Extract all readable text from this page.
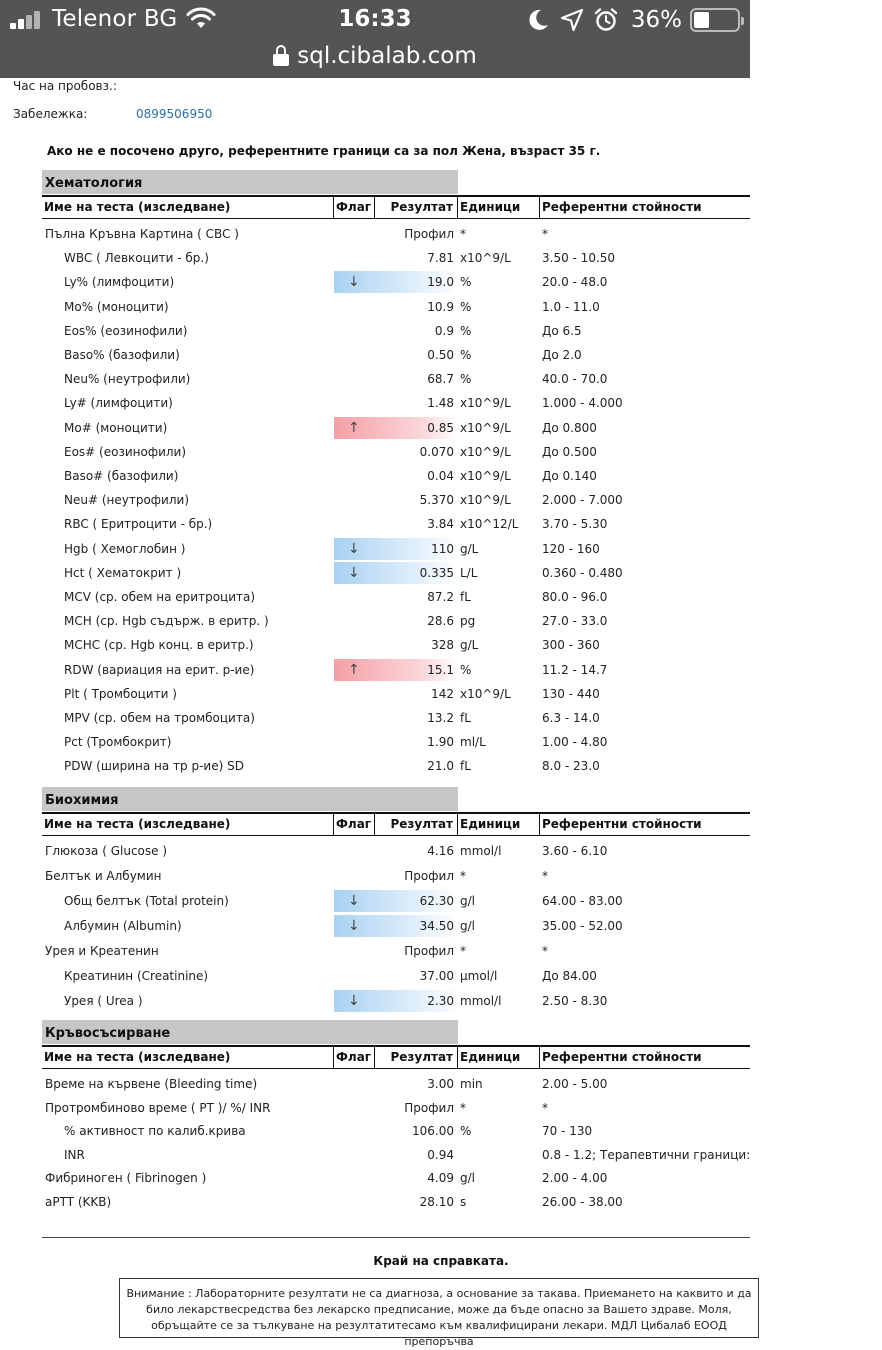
Telenor BG	16:33	36%
sql.cibalab.com
Час на пробовз.:
Забележка:	0899506950
Ако не е посочено друго, референтните граници са за пол Жена, възраст 35 г.
Хематология
Име на теста (изследване)	Флаг	Резултат Единици	Референтни стойности
Пълна Кръвна Картина ( CBC )	Профил *	*
WBC ( Левкоцити - бр.)	7.81 x10^9/L	3.50 - 10.50
Ly% (лимфоцити)	↓	19.0 %	20.0 - 48.0
Mo% (моноцити)	10.9 %	1.0 - 11.0
Eos% (еозинофили)	0.9 %	До 6.5
Baso% (базофили)	0.50 %	До 2.0
Neu% (неутрофили)	68.7 %	40.0 - 70.0
Ly# (лимфоцити)	1.48 x10^9/L	1.000 - 4.000
Mo# (моноцити)	↑	0.85 x10^9/L	До 0.800
Eos# (еозинофили)	0.070 x10^9/L	До 0.500
Baso# (базофили)	0.04 x10^9/L	До 0.140
Neu# (неутрофили)	5.370 x10^9/L	2.000 - 7.000
RBC ( Еритроцити - бр.)	3.84 x10^12/L 3.70 - 5.30
Hgb ( Хемоглобин )	↓	110 g/L	120 - 160
Hct ( Хематокрит )	↓	0.335 L/L	0.360 - 0.480
MCV (ср. обем на еритроцита)	87.2 fL	80.0 - 96.0
MCH (ср. Hgb съдърж. в еритр. )	28.6 pg	27.0 - 33.0
MCHC (ср. Hgb конц. в еритр.)	328 g/L	300 - 360
RDW (вариация на ерит. р-ие)	↑	15.1 %	11.2 - 14.7
Plt ( Тромбоцити )	142 x10^9/L	130 - 440
MPV (ср. обем на тромбоцита)	13.2 fL	6.3 - 14.0
Pct (Тромбокрит)	1.90 ml/L	1.00 - 4.80
PDW (ширина на тр р-ие) SD	21.0 fL	8.0 - 23.0
Биохимия
Име на теста (изследване)	Флаг	Резултат Единици	Референтни стойности
Глюкоза ( Glucose )	4.16 mmol/l	3.60 - 6.10
Белтък и Албумин	Профил *	*
Общ белтък (Total protein)	↓	62.30 g/l	64.00 - 83.00
Албумин (Albumin)	↓	34.50 g/l	35.00 - 52.00
Урея и Креатенин	Профил *	*
Креатинин (Creatinine)	37.00 μmol/l	До 84.00
Урея ( Urea )	↓	2.30 mmol/l	2.50 - 8.30
Кръвосъсирване
Име на теста (изследване)	Флаг	Резултат Единици	Референтни стойности
Време на кървене (Bleeding time)	3.00 min	2.00 - 5.00
Протромбиново време ( PT )/ %/ INR	Профил *	*
% активност по калиб.крива	106.00 %	70 - 130
INR	0.94	0.8 - 1.2; Терапевтични граници:
Фибриноген ( Fibrinogen )	4.09 g/l	2.00 - 4.00
аPTT (KKB)	28.10 s	26.00 - 38.00
Край на справката.
Внимание : Лабораторните резултати не са диагноза, а основание за такава. Приемането на каквито и да било лекарствесредства без лекарско предписание, може да бъде опасно за Вашето здраве. Моля, обръщайте се за тълкуване на резултатитесамо към квалифицирани лекари. МДЛ Цибалаб ЕООД препоръчва
